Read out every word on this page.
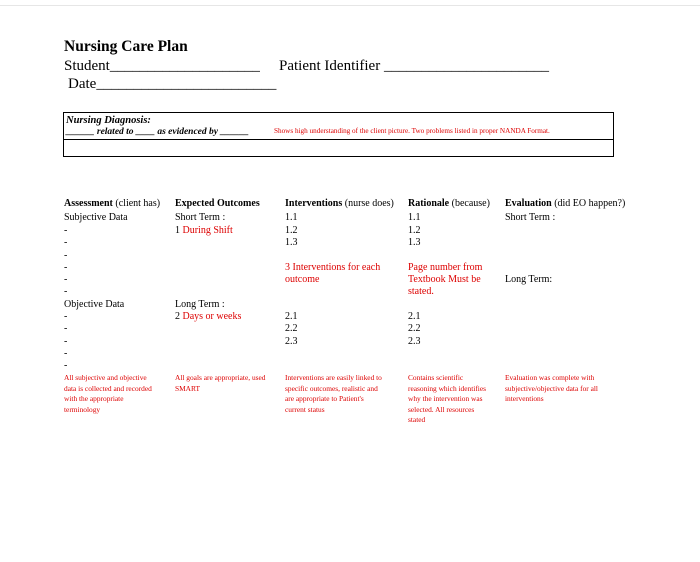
Nursing Care Plan
Student____________________ Patient Identifier ______________________
Date________________________
Nursing Diagnosis:
______ related to ____ as evidenced by ______	Shows high understanding of the client picture. Two problems listed in proper NANDA Format.
Assessment (client has) Expected Outcomes	Interventions (nurse does) Rationale (because) Evaluation (did EO happen?)
Subjective Data
-
-
-
-
-
-
Objective Data
-
-
-
-
-
Short Term :
1 During Shift
Long Term :
2 Days or weeks
1.1
1.2
1.3
3 Interventions for each
outcome
2.1
2.2
2.3
1.1
1.2
1.3
Page number from
Textbook Must be
stated.
2.1
2.2
2.3
Short Term :
Long Term:
All subjective and objective
data is collected and recorded
with the appropriate
terminology
All goals are appropriate, used
SMART
Interventions are easily linked to
specific outcomes, realistic and
are appropriate to Patient's
current status
Contains scientific
reasoning which identifies
why the intervention was
selected. All resources
stated
Evaluation was complete with
subjective/objective data for all
interventions
